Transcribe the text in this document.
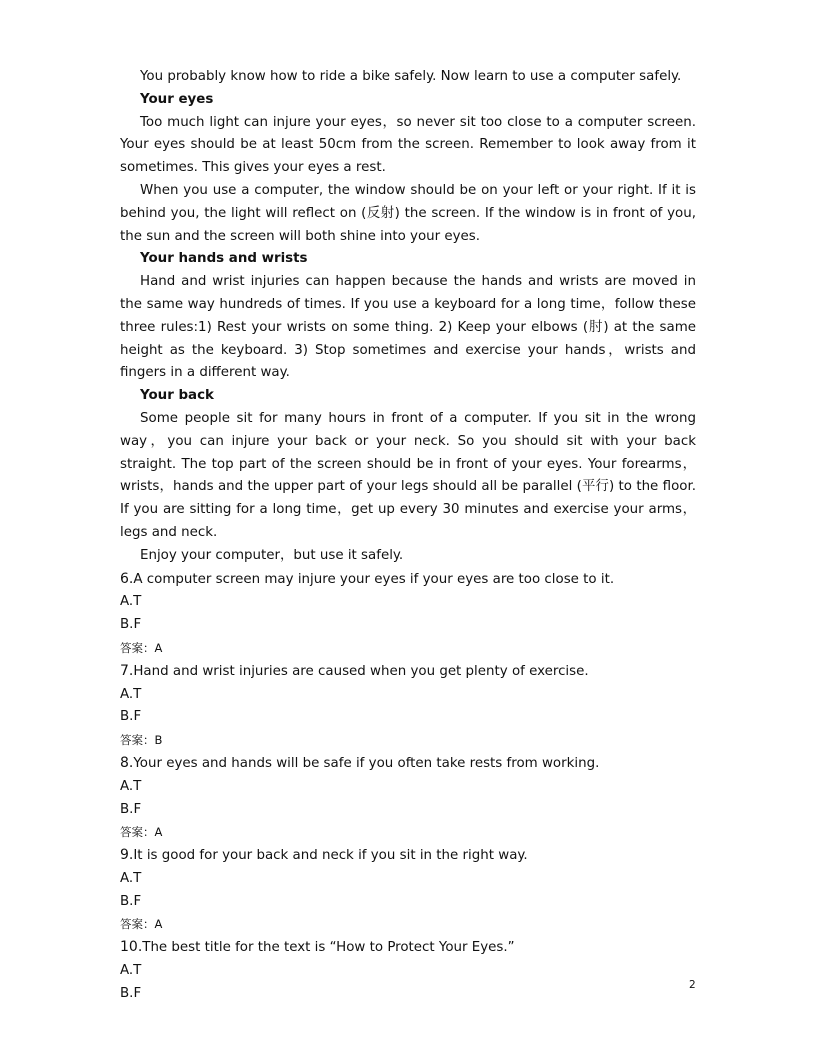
You probably know how to ride a bike safely. Now learn to use a computer safely.

Your eyes

Too much light can injure your eyes，so never sit too close to a computer screen. Your eyes should be at least 50cm from the screen. Remember to look away from it sometimes. This gives your eyes a rest.

When you use a computer, the window should be on your left or your right. If it is behind you, the light will reflect on (反射) the screen. If the window is in front of you, the sun and the screen will both shine into your eyes.

Your hands and wrists

Hand and wrist injuries can happen because the hands and wrists are moved in the same way hundreds of times. If you use a keyboard for a long time，follow these three rules:1) Rest your wrists on some thing. 2) Keep your elbows (肘) at the same height as the keyboard. 3) Stop sometimes and exercise your hands，wrists and fingers in a different way.

Your back

Some people sit for many hours in front of a computer. If you sit in the wrong way，you can injure your back or your neck. So you should sit with your back straight. The top part of the screen should be in front of your eyes. Your forearms，wrists，hands and the upper part of your legs should all be parallel (平行) to the floor. If you are sitting for a long time，get up every 30 minutes and exercise your arms，legs and neck.

Enjoy your computer，but use it safely.

6.A computer screen may injure your eyes if your eyes are too close to it.

A.T

B.F

答案：A

7.Hand and wrist injuries are caused when you get plenty of exercise.

A.T

B.F

答案：B

8.Your eyes and hands will be safe if you often take rests from working.

A.T

B.F

答案：A

9.It is good for your back and neck if you sit in the right way.

A.T

B.F

答案：A

10.The best title for the text is “How to Protect Your Eyes.”

A.T

B.F

2
